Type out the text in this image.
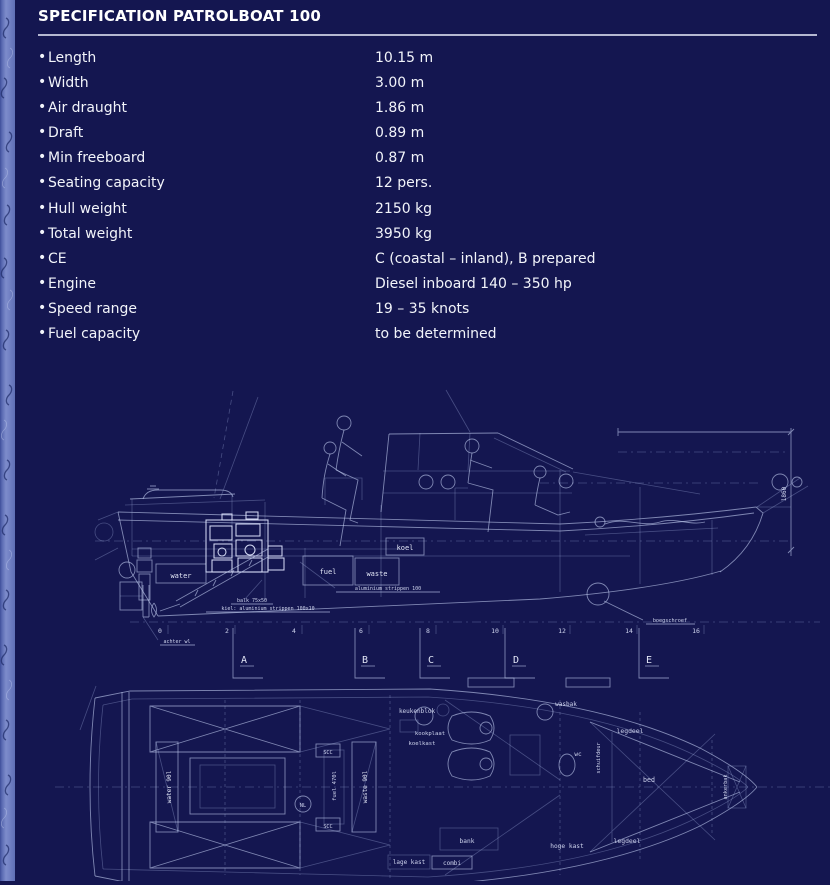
SPECIFICATION PATROLBOAT 100
• Length	10.15 m
• Width	3.00 m
• Air draught	1.86 m
• Draft	0.89 m
• Min freeboard	0.87 m
• Seating capacity	12 pers.
• Hull weight	2150 kg
• Total weight	3950 kg
• CE	C (coastal – inland), B prepared
• Engine	Diesel inboard 140 – 350 hp
• Speed range	19 – 35 knots
• Fuel capacity	to be determined
water	fuel	waste
koel
aluminium strippen 100
balk 75x50
kiel: aluminium strippen 100x10
boegschroef
1860
0	2	4	6	8	10	12	14	16
achter wl
A	B	C	D	E
water 90l	waste 90l
fuel 470l
SCC
SCC
NL
keukenblok
kookplaat
koelkast
wasbak
wc	schuifdeur
bed
legdeel
legdeel
bank
hoge kast
lage kast	combi
ankerbak
